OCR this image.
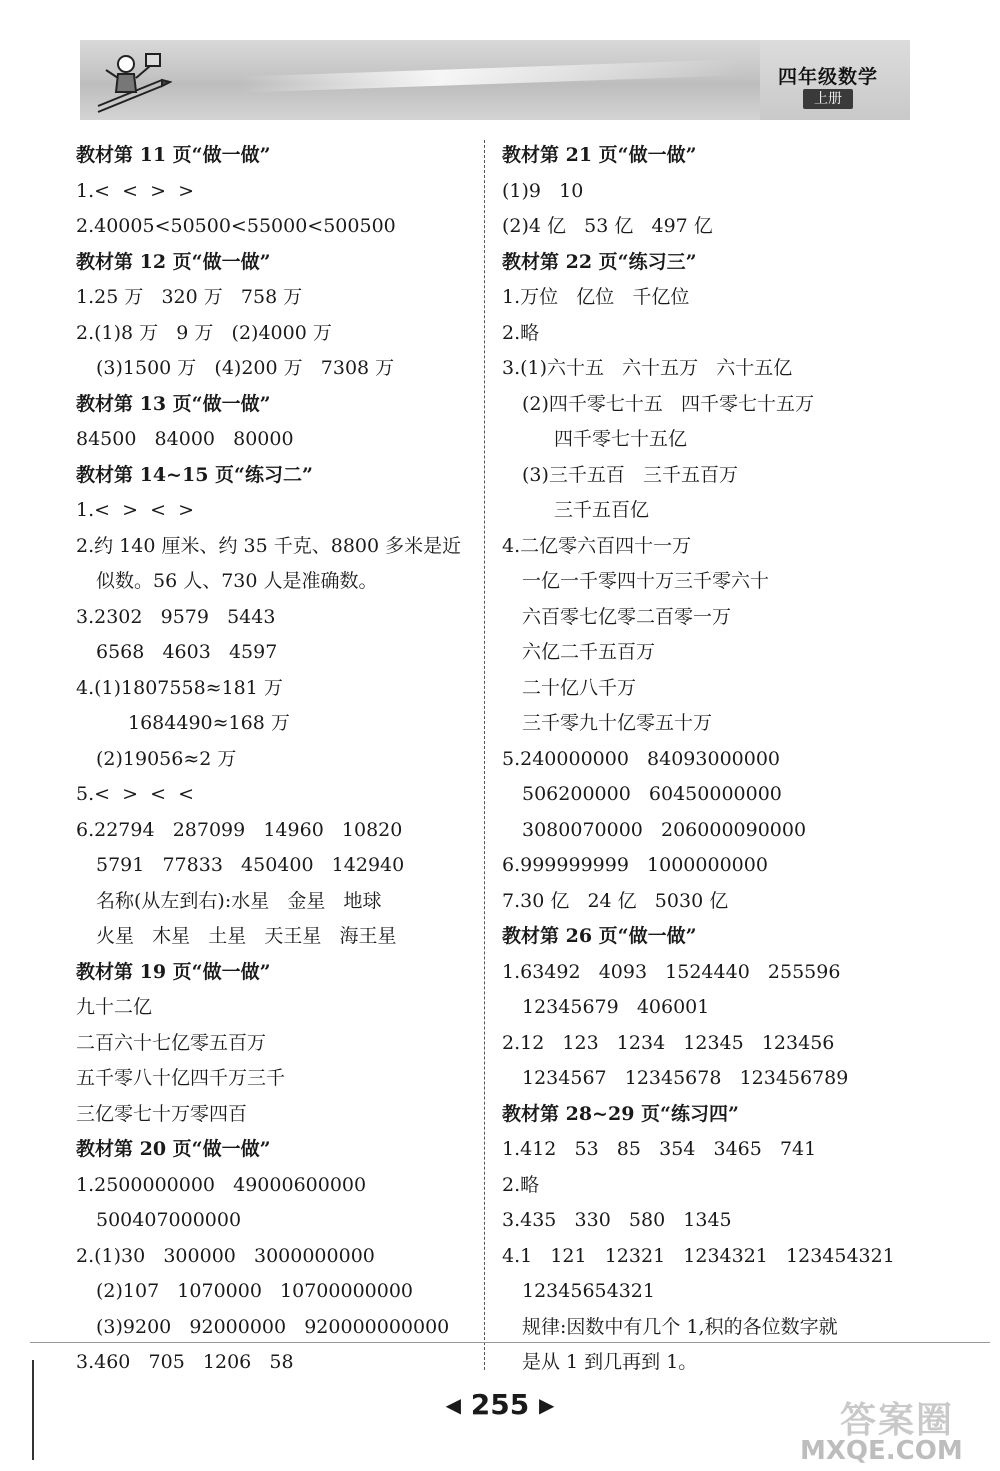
四年级数学
上册
教材第 11 页“做一做”
1.<  <  >  >
2.40005<50500<55000<500500
教材第 12 页“做一做”
1.25 万   320 万   758 万
2.(1)8 万   9 万   (2)4000 万
(3)1500 万   (4)200 万   7308 万
教材第 13 页“做一做”
84500   84000   80000
教材第 14~15 页“练习二”
1.<  >  <  >
2.约 140 厘米、约 35 千克、8800 多米是近
似数。56 人、730 人是准确数。
3.2302   9579   5443
6568   4603   4597
4.(1)1807558≈181 万
1684490≈168 万
(2)19056≈2 万
5.<  >  <  <
6.22794   287099   14960   10820
5791   77833   450400   142940
名称(从左到右):水星   金星   地球
火星   木星   土星   天王星   海王星
教材第 19 页“做一做”
九十二亿
二百六十七亿零五百万
五千零八十亿四千万三千
三亿零七十万零四百
教材第 20 页“做一做”
1.2500000000   49000600000
500407000000
2.(1)30   300000   3000000000
(2)107   1070000   10700000000
(3)9200   92000000   920000000000
3.460   705   1206   58
教材第 21 页“做一做”
(1)9   10
(2)4 亿   53 亿   497 亿
教材第 22 页“练习三”
1.万位   亿位   千亿位
2.略
3.(1)六十五   六十五万   六十五亿
(2)四千零七十五   四千零七十五万
四千零七十五亿
(3)三千五百   三千五百万
三千五百亿
4.二亿零六百四十一万
一亿一千零四十万三千零六十
六百零七亿零二百零一万
六亿二千五百万
二十亿八千万
三千零九十亿零五十万
5.240000000   84093000000
506200000   60450000000
3080070000   206000090000
6.999999999   1000000000
7.30 亿   24 亿   5030 亿
教材第 26 页“做一做”
1.63492   4093   1524440   255596
12345679   406001
2.12   123   1234   12345   123456
1234567   12345678   123456789
教材第 28~29 页“练习四”
1.412   53   85   354   3465   741
2.略
3.435   330   580   1345
4.1   121   12321   1234321   123454321
12345654321
规律:因数中有几个 1,积的各位数字就
是从 1 到几再到 1。
◀ 255 ▶	答案圈
MXQE.COM
